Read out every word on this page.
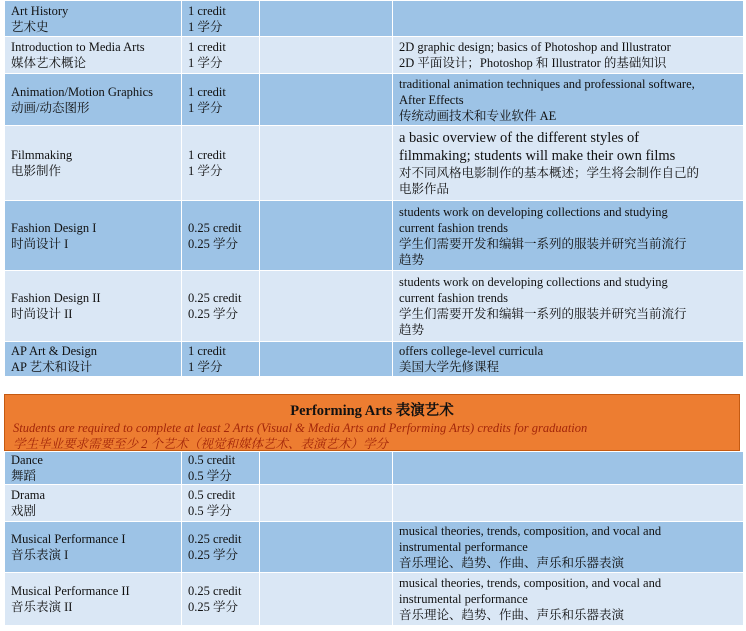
Art History
艺术史	1 credit
1 学分		

Introduction to Media Arts
媒体艺术概论	1 credit
1 学分		2D graphic design; basics of Photoshop and Illustrator
2D 平面设计；Photoshop 和 Illustrator 的基础知识

Animation/Motion Graphics
动画/动态图形	1 credit
1 学分		traditional animation techniques and professional software,
After Effects
传统动画技术和专业软件 AE

Filmmaking
电影制作	1 credit
1 学分		a basic overview of the different styles of
filmmaking; students will make their own films
对不同风格电影制作的基本概述；学生将会制作自己的
电影作品

Fashion Design I
时尚设计 I	0.25 credit
0.25 学分		students work on developing collections and studying
current fashion trends
学生们需要开发和编辑一系列的服装并研究当前流行
趋势

Fashion Design II
时尚设计 II	0.25 credit
0.25 学分		students work on developing collections and studying
current fashion trends
学生们需要开发和编辑一系列的服装并研究当前流行
趋势

AP Art & Design
AP 艺术和设计	1 credit
1 学分		offers college-level curricula
美国大学先修课程
Performing Arts 表演艺术
Students are required to complete at least 2 Arts (Visual & Media Arts and Performing Arts) credits for graduation
学生毕业要求需要至少 2 个艺术（视觉和媒体艺术、表演艺术）学分
Dance
舞蹈	0.5 credit
0.5 学分		

Drama
戏剧	0.5 credit
0.5 学分		

Musical Performance I
音乐表演 I	0.25 credit
0.25 学分		musical theories, trends, composition, and vocal and
instrumental performance
音乐理论、趋势、作曲、声乐和乐器表演

Musical Performance II
音乐表演 II	0.25 credit
0.25 学分		musical theories, trends, composition, and vocal and
instrumental performance
音乐理论、趋势、作曲、声乐和乐器表演
